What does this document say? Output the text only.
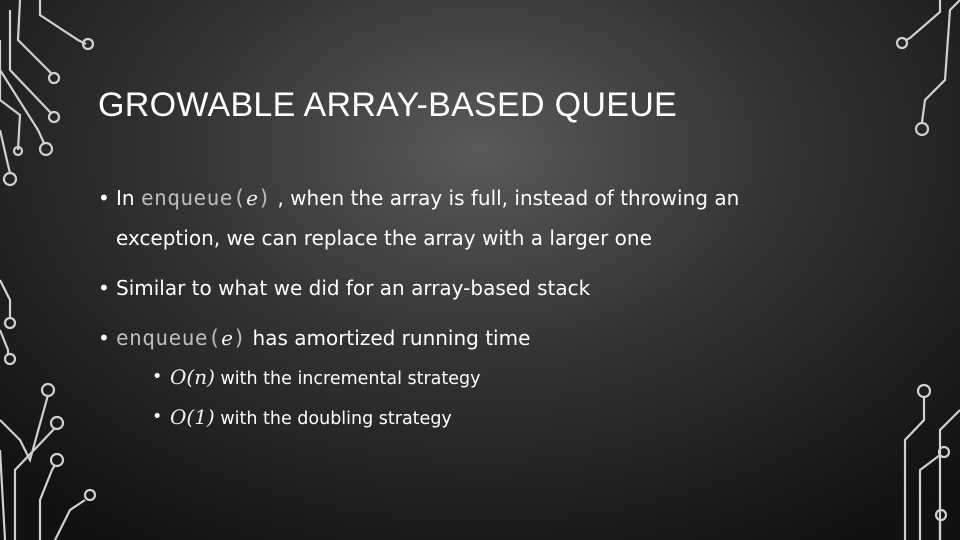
GROWABLE ARRAY-BASED QUEUE
• In enqueue(e) , when the array is full, instead of throwing an
exception, we can replace the array with a larger one
• Similar to what we did for an array-based stack
• enqueue(e) has amortized running time
• O(n) with the incremental strategy
• O(1) with the doubling strategy
